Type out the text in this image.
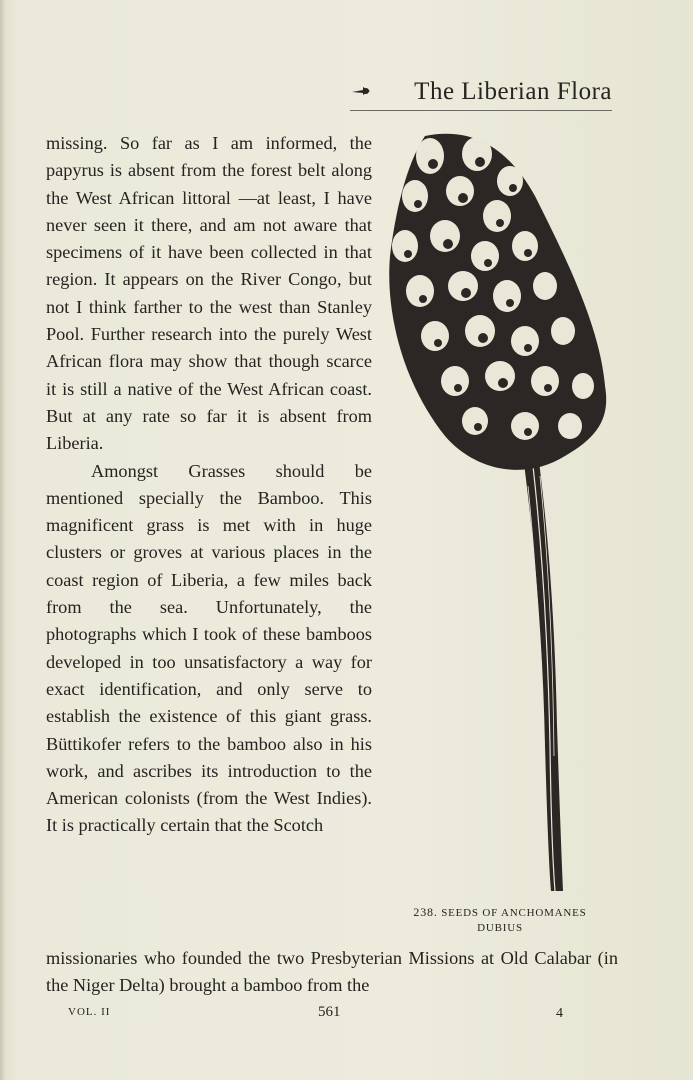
The Liberian Flora

missing. So far as I am informed, the papyrus is absent from the forest belt along the West African littoral —at least, I have never seen it there, and am not aware that specimens of it have been collected in that region. It appears on the River Congo, but not I think farther to the west than Stanley Pool. Further research into the purely West African flora may show that though scarce it is still a native of the West African coast. But at any rate so far it is absent from Liberia.

Amongst Grasses should be mentioned specially the Bamboo. This magnificent grass is met with in huge clusters or groves at various places in the coast region of Liberia, a few miles back from the sea. Unfortunately, the photographs which I took of these bamboos developed in too unsatisfactory a way for exact identification, and only serve to establish the existence of this giant grass. Büttikofer refers to the bamboo also in his work, and ascribes its introduction to the American colonists (from the West Indies). It is practically certain that the Scotch

238. SEEDS OF ANCHOMANES
DUBIUS

missionaries who founded the two Presbyterian Missions at Old Calabar (in the Niger Delta) brought a bamboo from the

VOL. II	561	4
